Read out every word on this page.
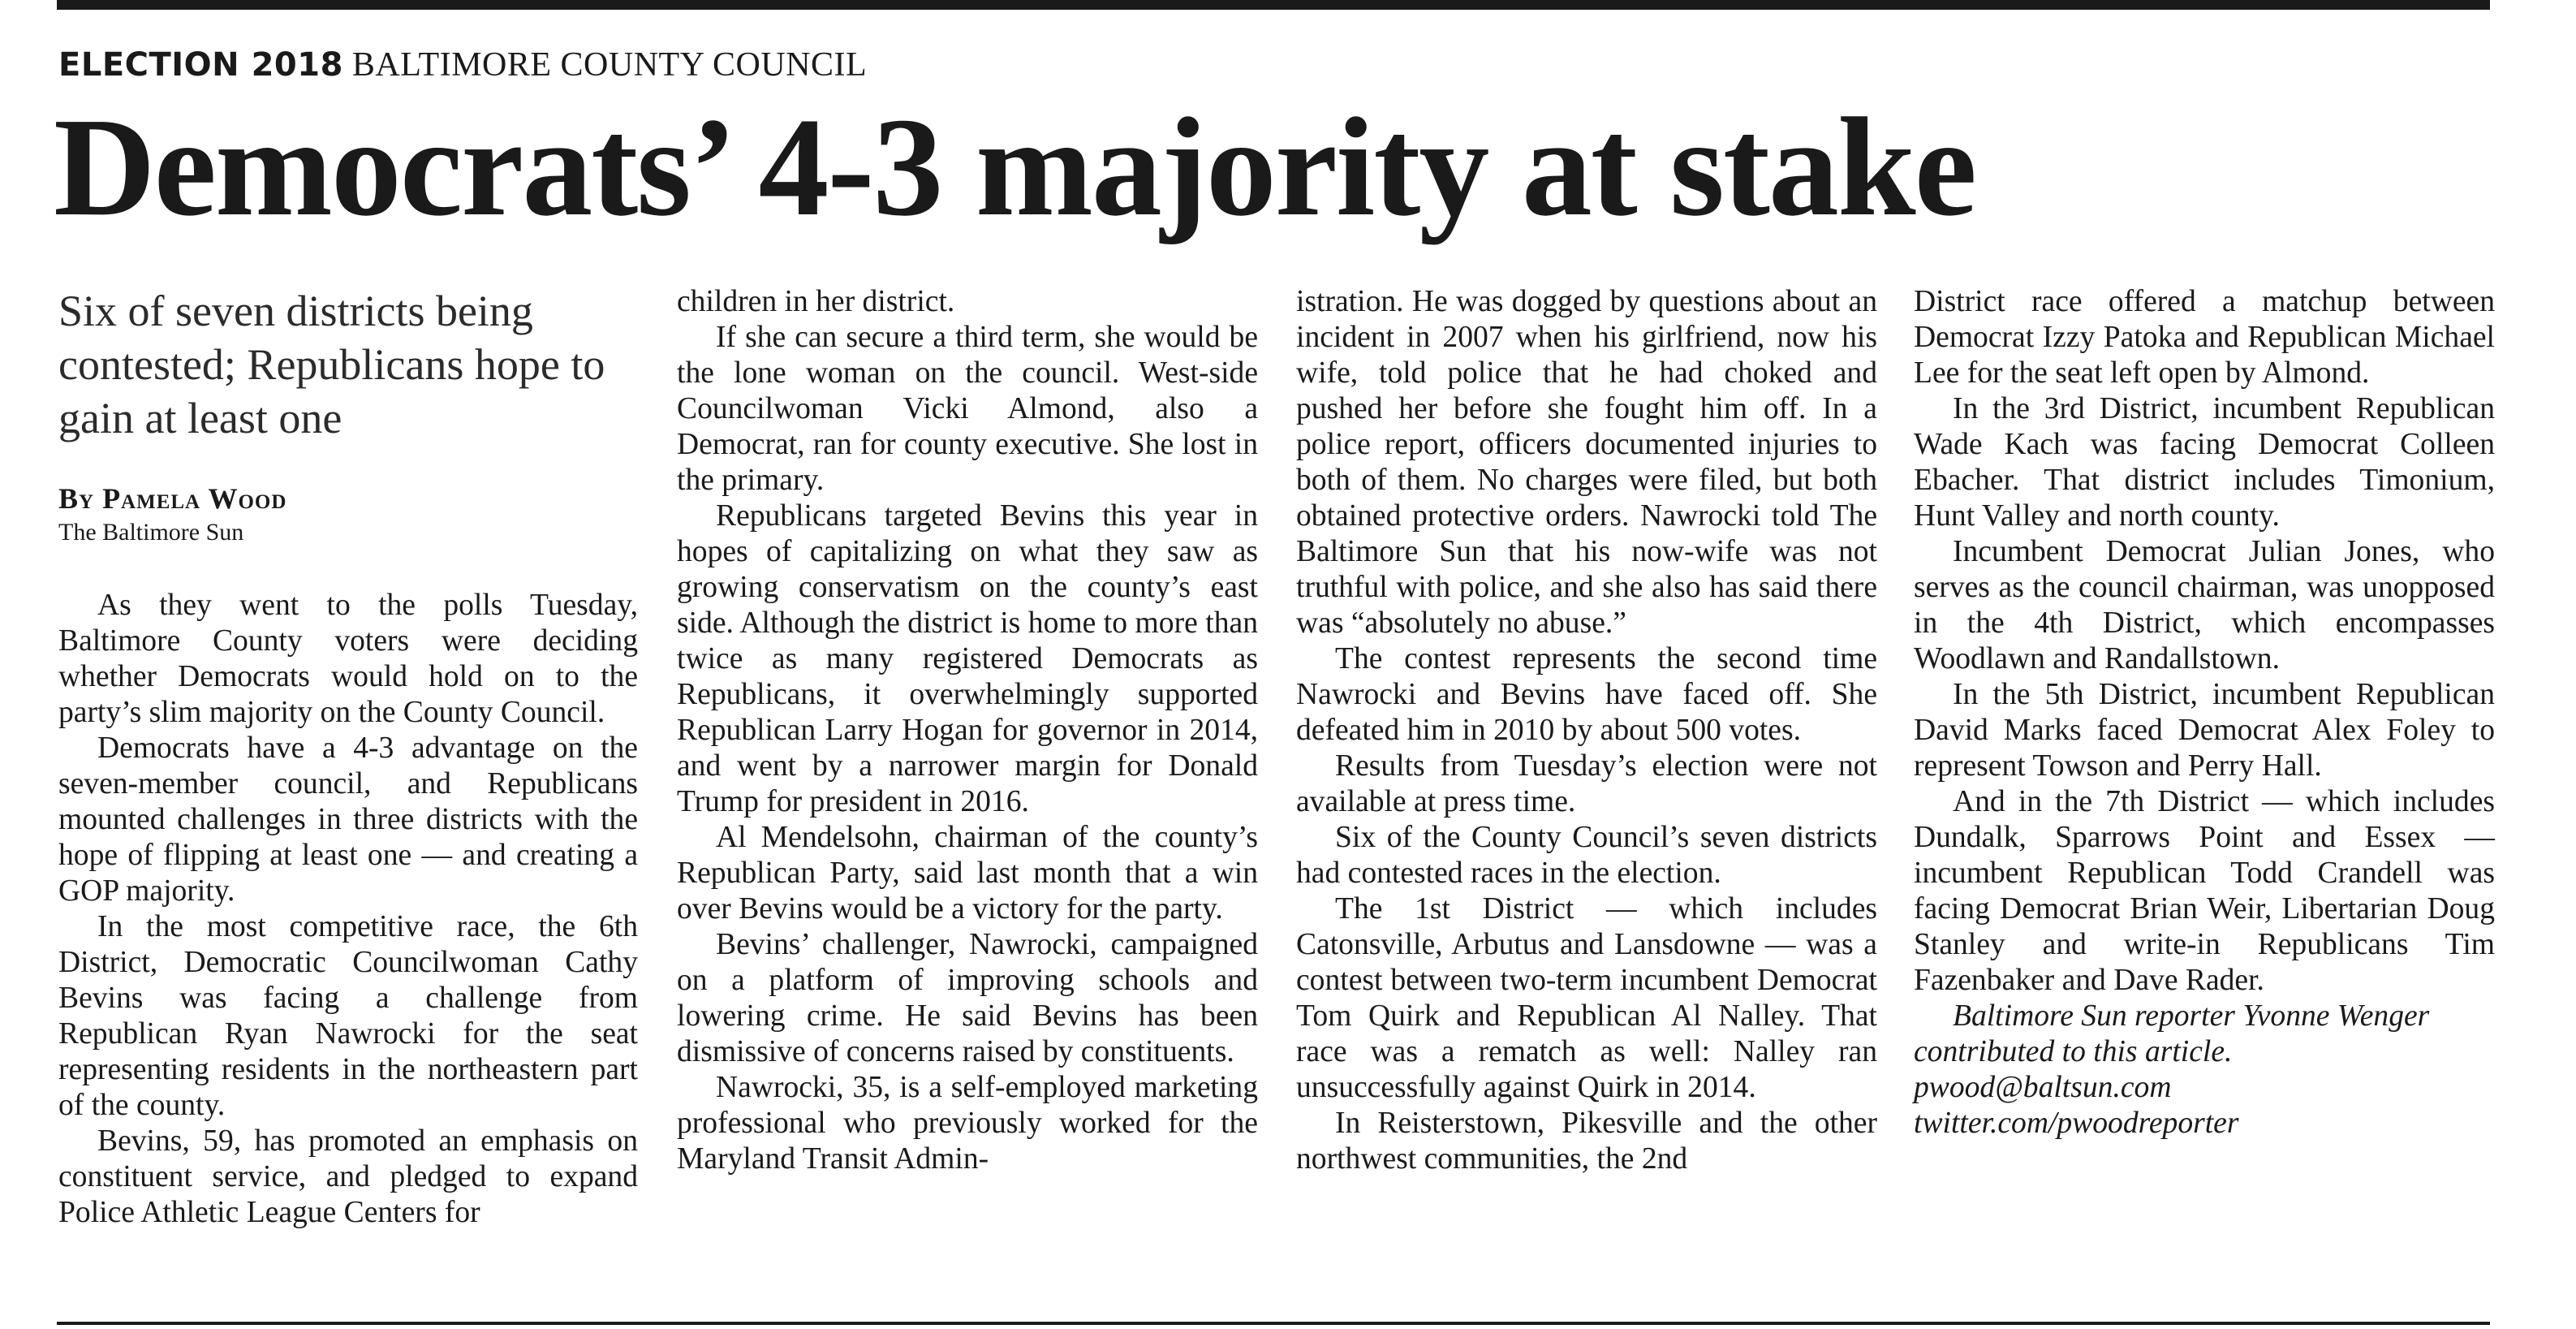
ELECTION 2018 BALTIMORE COUNTY COUNCIL
Democrats’ 4-3 majority at stake
Six of seven districts being contested; Republicans hope to gain at least one
By Pamela Wood
The Baltimore Sun

As they went to the polls Tuesday, Baltimore County voters were deciding whether Democrats would hold on to the party’s slim majority on the County Council.

Democrats have a 4-3 advantage on the seven-member council, and Republicans mounted challenges in three districts with the hope of flipping at least one — and creating a GOP majority.

In the most competitive race, the 6th District, Democratic Councilwoman Cathy Bevins was facing a challenge from Republican Ryan Nawrocki for the seat representing residents in the northeastern part of the county.

Bevins, 59, has promoted an emphasis on constituent service, and pledged to expand Police Athletic League Centers for

children in her district.

If she can secure a third term, she would be the lone woman on the council. West-side Councilwoman Vicki Almond, also a Democrat, ran for county executive. She lost in the primary.

Republicans targeted Bevins this year in hopes of capitalizing on what they saw as growing conservatism on the county’s east side. Although the district is home to more than twice as many registered Democrats as Republicans, it overwhelmingly supported Republican Larry Hogan for governor in 2014, and went by a narrower margin for Donald Trump for president in 2016.

Al Mendelsohn, chairman of the county’s Republican Party, said last month that a win over Bevins would be a victory for the party.

Bevins’ challenger, Nawrocki, campaigned on a platform of improving schools and lowering crime. He said Bevins has been dismissive of concerns raised by constituents.

Nawrocki, 35, is a self-employed marketing professional who previously worked for the Maryland Transit Admin-

istration. He was dogged by questions about an incident in 2007 when his girlfriend, now his wife, told police that he had choked and pushed her before she fought him off. In a police report, officers documented injuries to both of them. No charges were filed, but both obtained protective orders. Nawrocki told The Baltimore Sun that his now-wife was not truthful with police, and she also has said there was “absolutely no abuse.”

The contest represents the second time Nawrocki and Bevins have faced off. She defeated him in 2010 by about 500 votes.

Results from Tuesday’s election were not available at press time.

Six of the County Council’s seven districts had contested races in the election.

The 1st District — which includes Catonsville, Arbutus and Lansdowne — was a contest between two-term incumbent Democrat Tom Quirk and Republican Al Nalley. That race was a rematch as well: Nalley ran unsuccessfully against Quirk in 2014.

In Reisterstown, Pikesville and the other northwest communities, the 2nd

District race offered a matchup between Democrat Izzy Patoka and Republican Michael Lee for the seat left open by Almond.

In the 3rd District, incumbent Republican Wade Kach was facing Democrat Colleen Ebacher. That district includes Timonium, Hunt Valley and north county.

Incumbent Democrat Julian Jones, who serves as the council chairman, was unopposed in the 4th District, which encompasses Woodlawn and Randallstown.

In the 5th District, incumbent Republican David Marks faced Democrat Alex Foley to represent Towson and Perry Hall.

And in the 7th District — which includes Dundalk, Sparrows Point and Essex — incumbent Republican Todd Crandell was facing Democrat Brian Weir, Libertarian Doug Stanley and write-in Republicans Tim Fazenbaker and Dave Rader.

Baltimore Sun reporter Yvonne Wenger contributed to this article.

pwood@baltsun.com

twitter.com/pwoodreporter
